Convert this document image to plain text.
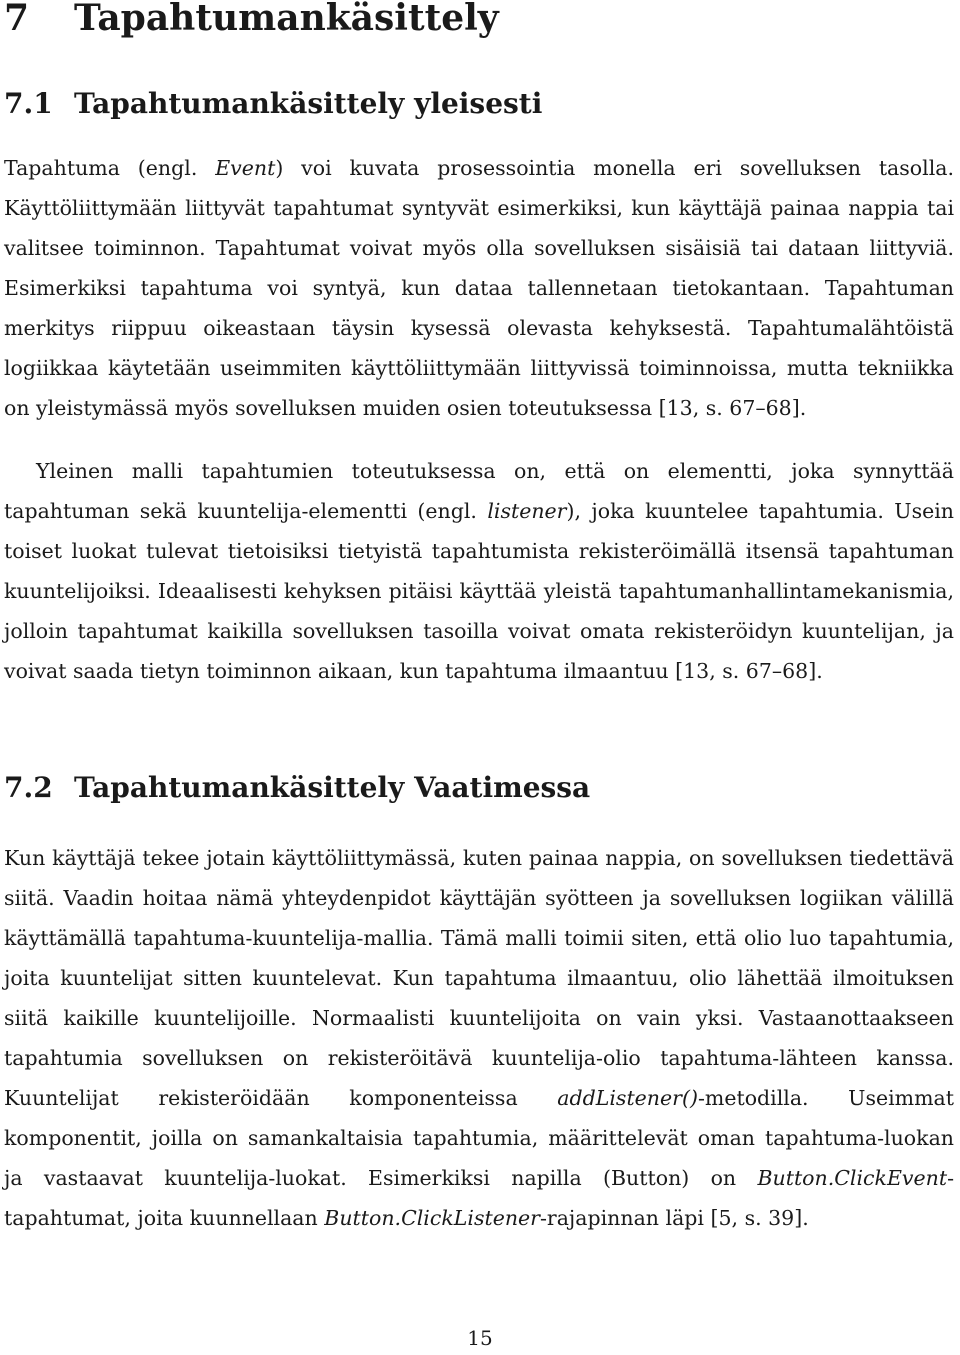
7 Tapahtumankäsittely
7.1 Tapahtumankäsittely yleisesti

Tapahtuma (engl. Event) voi kuvata prosessointia monella eri sovelluksen tasolla. Käyttöliittymään liittyvät tapahtumat syntyvät esimerkiksi, kun käyttäjä painaa nappia tai valitsee toiminnon. Tapahtumat voivat myös olla sovelluksen sisäisiä tai dataan liittyviä. Esimerkiksi tapahtuma voi syntyä, kun dataa tallennetaan tietokantaan. Tapahtuman merkitys riippuu oikeastaan täysin kysessä olevasta kehyksestä. Tapahtumalähtöistä logiikkaa käytetään useimmiten käyttöliittymään liittyvissä toiminnoissa, mutta tekniikka on yleistymässä myös sovelluksen muiden osien toteutuksessa [13, s. 67–68].

Yleinen malli tapahtumien toteutuksessa on, että on elementti, joka synnyttää tapahtuman sekä kuuntelija-elementti (engl. listener), joka kuuntelee tapahtumia. Usein toiset luokat tulevat tietoisiksi tietyistä tapahtumista rekisteröimällä itsensä tapahtuman kuuntelijoiksi. Ideaalisesti kehyksen pitäisi käyttää yleistä tapahtumanhallintamekanismia, jolloin tapahtumat kaikilla sovelluksen tasoilla voivat omata rekisteröidyn kuuntelijan, ja voivat saada tietyn toiminnon aikaan, kun tapahtuma ilmaantuu [13, s. 67–68].

7.2 Tapahtumankäsittely Vaatimessa

Kun käyttäjä tekee jotain käyttöliittymässä, kuten painaa nappia, on sovelluksen tiedettävä siitä. Vaadin hoitaa nämä yhteydenpidot käyttäjän syötteen ja sovelluksen logiikan välillä käyttämällä tapahtuma-kuuntelija-mallia. Tämä malli toimii siten, että olio luo tapahtumia, joita kuuntelijat sitten kuuntelevat. Kun tapahtuma ilmaantuu, olio lähettää ilmoituksen siitä kaikille kuuntelijoille. Normaalisti kuuntelijoita on vain yksi. Vastaanottaakseen tapahtumia sovelluksen on rekisteröitävä kuuntelija-olio tapahtuma-lähteen kanssa. Kuuntelijat rekisteröidään komponenteissa addListener()-metodilla. Useimmat komponentit, joilla on samankaltaisia tapahtumia, määrittelevät oman tapahtuma-luokan ja vastaavat kuuntelija-luokat. Esimerkiksi napilla (Button) on Button.ClickEvent-tapahtumat, joita kuunnellaan Button.ClickListener-rajapinnan läpi [5, s. 39].

15
